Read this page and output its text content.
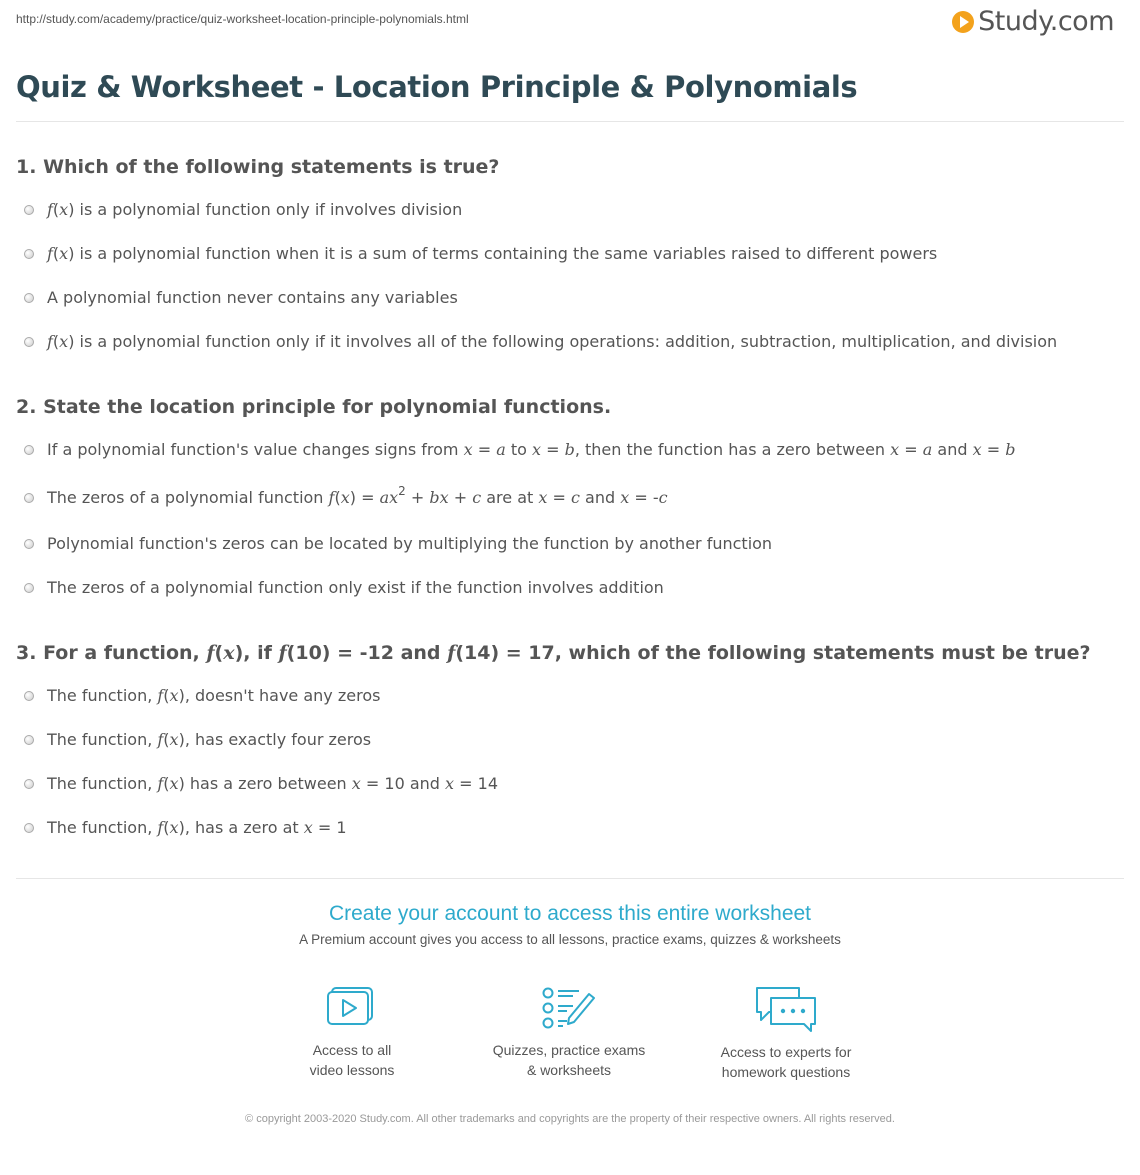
http://study.com/academy/practice/quiz-worksheet-location-principle-polynomials.html	Study.com
Quiz & Worksheet - Location Principle & Polynomials
1. Which of the following statements is true?
f(x) is a polynomial function only if involves division
f(x) is a polynomial function when it is a sum of terms containing the same variables raised to different powers
A polynomial function never contains any variables
f(x) is a polynomial function only if it involves all of the following operations: addition, subtraction, multiplication, and division
2. State the location principle for polynomial functions.
If a polynomial function's value changes signs from x = a to x = b, then the function has a zero between x = a and x = b
The zeros of a polynomial function $f(x) = ax^2$ + bx + c are at x = c and x = -c
Polynomial function's zeros can be located by multiplying the function by another function
The zeros of a polynomial function only exist if the function involves addition
3. For a function, f(x), if f(10) = -12 and f(14) = 17, which of the following statements must be true?
The function, f(x), doesn't have any zeros
The function, f(x), has exactly four zeros
The function, f(x) has a zero between x = 10 and x = 14
The function, f(x), has a zero at x = 1
Create your account to access this entire worksheet
A Premium account gives you access to all lessons, practice exams, quizzes & worksheets
Access to all
video lessons
Quizzes, practice exams
& worksheets
Access to experts for
homework questions
© copyright 2003-2020 Study.com. All other trademarks and copyrights are the property of their respective owners. All rights reserved.
